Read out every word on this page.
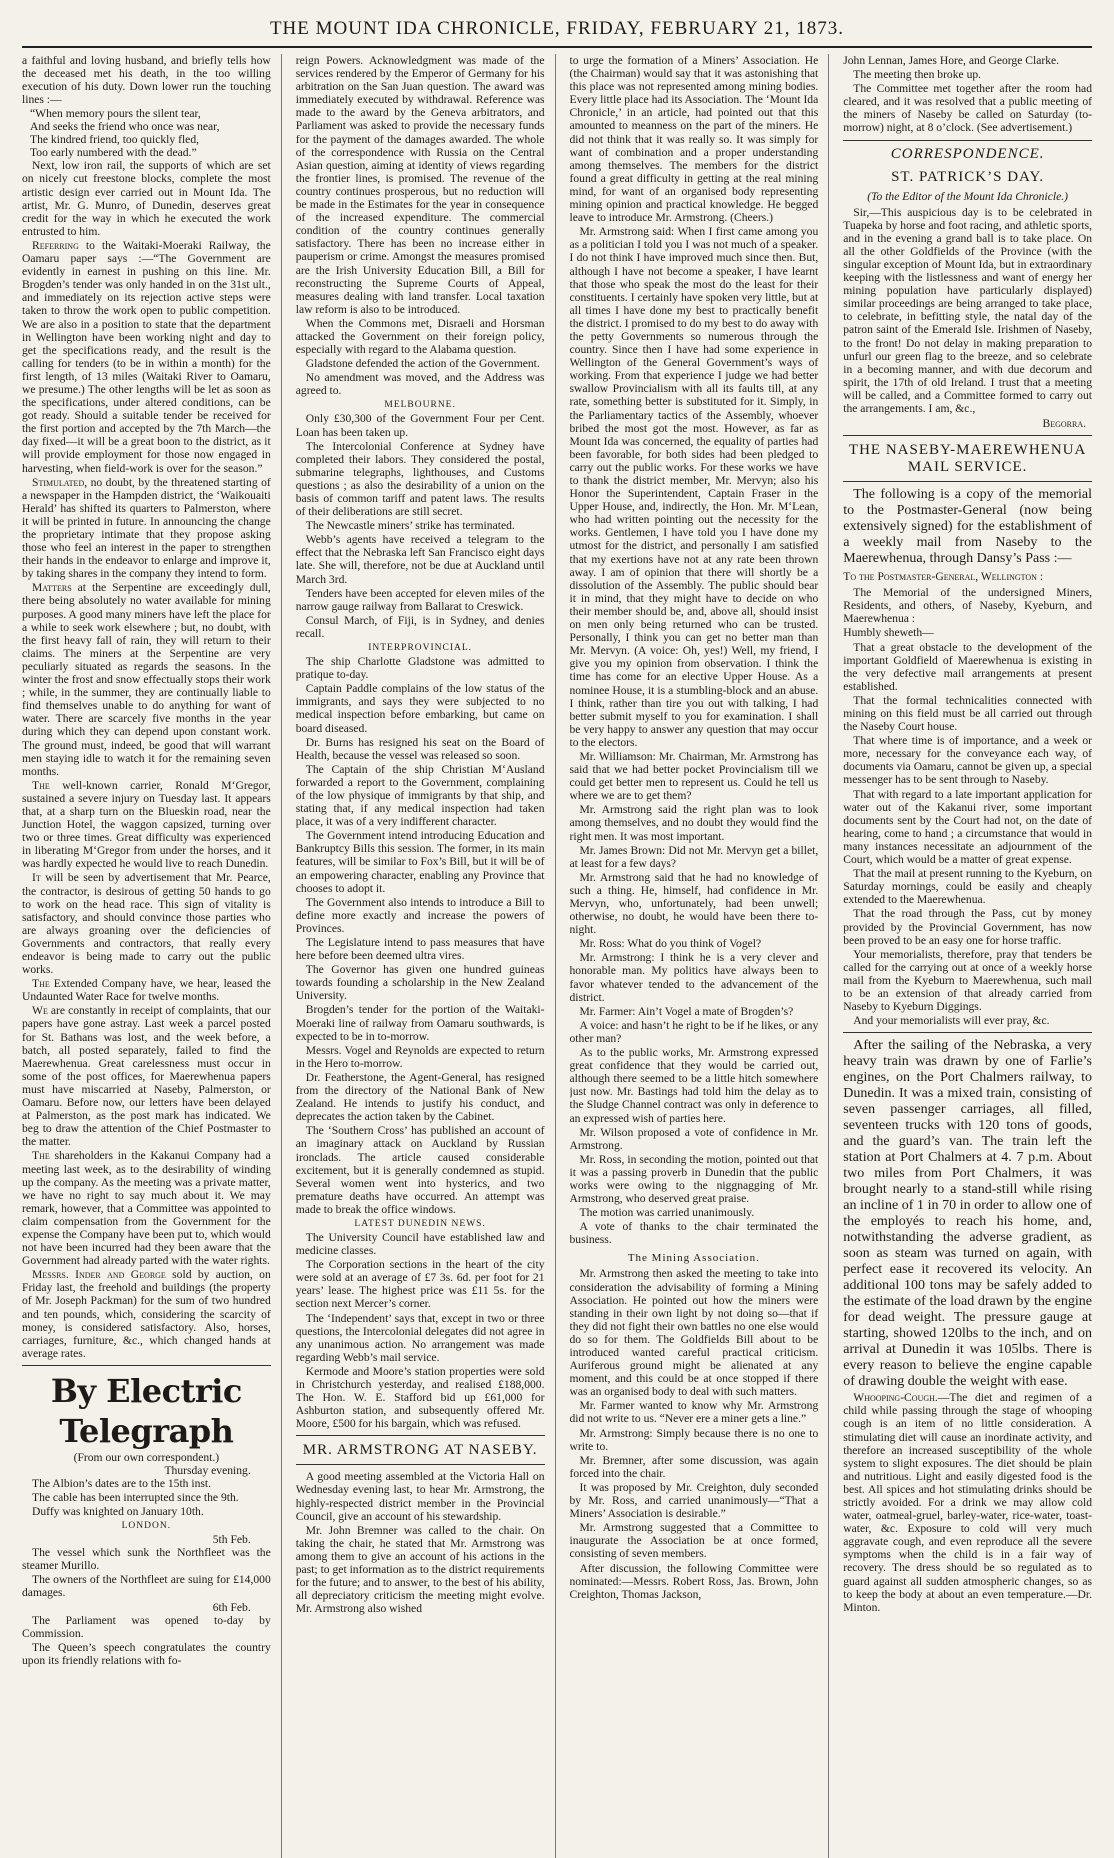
THE MOUNT IDA CHRONICLE, FRIDAY, FEBRUARY 21, 1873.

a faithful and loving husband, and briefly tells how the deceased met his death, in the too willing execution of his duty. Down lower run the touching lines :—

“When memory pours the silent tear,
And seeks the friend who once was near,
The kindred friend, too quickly fled,
Too early numbered with the dead.”

Next, low iron rail, the supports of which are set on nicely cut freestone blocks, complete the most artistic design ever carried out in Mount Ida. The artist, Mr. G. Munro, of Dunedin, deserves great credit for the way in which he executed the work entrusted to him.

Referring to the Waitaki-Moeraki Railway, the Oamaru paper says :—“The Government are evidently in earnest in pushing on this line. Mr. Brogden’s tender was only handed in on the 31st ult., and immediately on its rejection active steps were taken to throw the work open to public competition. We are also in a position to state that the department in Wellington have been working night and day to get the specifications ready, and the result is the calling for tenders (to be in within a month) for the first length, of 13 miles (Waitaki River to Oamaru, we presume.) The other lengths will be let as soon as the specifications, under altered conditions, can be got ready. Should a suitable tender be received for the first portion and accepted by the 7th March—the day fixed—it will be a great boon to the district, as it will provide employment for those now engaged in harvesting, when field-work is over for the season.”

Stimulated, no doubt, by the threatened starting of a newspaper in the Hampden district, the ‘Waikouaiti Herald’ has shifted its quarters to Palmerston, where it will be printed in future. In announcing the change the proprietary intimate that they propose asking those who feel an interest in the paper to strengthen their hands in the endeavor to enlarge and improve it, by taking shares in the company they intend to form.

Matters at the Serpentine are exceedingly dull, there being absolutely no water available for mining purposes. A good many miners have left the place for a while to seek work elsewhere ; but, no doubt, with the first heavy fall of rain, they will return to their claims. The miners at the Serpentine are very peculiarly situated as regards the seasons. In the winter the frost and snow effectually stops their work ; while, in the summer, they are continually liable to find themselves unable to do anything for want of water. There are scarcely five months in the year during which they can depend upon constant work. The ground must, indeed, be good that will warrant men staying idle to watch it for the remaining seven months.

The well-known carrier, Ronald M‘Gregor, sustained a severe injury on Tuesday last. It appears that, at a sharp turn on the Blueskin road, near the Junction Hotel, the waggon capsized, turning over two or three times. Great difficulty was experienced in liberating M‘Gregor from under the horses, and it was hardly expected he would live to reach Dunedin.

It will be seen by advertisement that Mr. Pearce, the contractor, is desirous of getting 50 hands to go to work on the head race. This sign of vitality is satisfactory, and should convince those parties who are always groaning over the deficiencies of Governments and contractors, that really every endeavor is being made to carry out the public works.

The Extended Company have, we hear, leased the Undaunted Water Race for twelve months.

We are constantly in receipt of complaints, that our papers have gone astray. Last week a parcel posted for St. Bathans was lost, and the week before, a batch, all posted separately, failed to find the Maerewhenua. Great carelessness must occur in some of the post offices, for Maerewhenua papers must have miscarried at Naseby, Palmerston, or Oamaru. Before now, our letters have been delayed at Palmerston, as the post mark has indicated. We beg to draw the attention of the Chief Postmaster to the matter.

The shareholders in the Kakanui Company had a meeting last week, as to the desirability of winding up the company. As the meeting was a private matter, we have no right to say much about it. We may remark, however, that a Committee was appointed to claim compensation from the Government for the expense the Company have been put to, which would not have been incurred had they been aware that the Government had already parted with the water rights.

Messrs. Inder and George sold by auction, on Friday last, the freehold and buildings (the property of Mr. Joseph Packman) for the sum of two hundred and ten pounds, which, considering the scarcity of money, is considered satisfactory. Also, horses, carriages, furniture, &c., which changed hands at average rates.

By Electric Telegraph
(From our own correspondent.)
Thursday evening.

The Albion’s dates are to the 15th inst.

The cable has been interrupted since the 9th.

Duffy was knighted on January 10th.

LONDON.
5th Feb.

The vessel which sunk the Northfleet was the steamer Murillo.

The owners of the Northfleet are suing for £14,000 damages.

6th Feb.

The Parliament was opened to-day by Commission.

The Queen’s speech congratulates the country upon its friendly relations with fo-

reign Powers. Acknowledgment was made of the services rendered by the Emperor of Germany for his arbitration on the San Juan question. The award was immediately executed by withdrawal. Reference was made to the award by the Geneva arbitrators, and Parliament was asked to provide the necessary funds for the payment of the damages awarded. The whole of the correspondence with Russia on the Central Asian question, aiming at identity of views regarding the frontier lines, is promised. The revenue of the country continues prosperous, but no reduction will be made in the Estimates for the year in consequence of the increased expenditure. The commercial condition of the country continues generally satisfactory. There has been no increase either in pauperism or crime. Amongst the measures promised are the Irish University Education Bill, a Bill for reconstructing the Supreme Courts of Appeal, measures dealing with land transfer. Local taxation law reform is also to be introduced.

When the Commons met, Disraeli and Horsman attacked the Government on their foreign policy, especially with regard to the Alabama question.

Gladstone defended the action of the Government.

No amendment was moved, and the Address was agreed to.

MELBOURNE.

Only £30,300 of the Government Four per Cent. Loan has been taken up.

The Intercolonial Conference at Sydney have completed their labors. They considered the postal, submarine telegraphs, lighthouses, and Customs questions ; as also the desirability of a union on the basis of common tariff and patent laws. The results of their deliberations are still secret.

The Newcastle miners’ strike has terminated.

Webb’s agents have received a telegram to the effect that the Nebraska left San Francisco eight days late. She will, therefore, not be due at Auckland until March 3rd.

Tenders have been accepted for eleven miles of the narrow gauge railway from Ballarat to Creswick.

Consul March, of Fiji, is in Sydney, and denies recall.

INTERPROVINCIAL.

The ship Charlotte Gladstone was admitted to pratique to-day.

Captain Paddle complains of the low status of the immigrants, and says they were subjected to no medical inspection before embarking, but came on board diseased.

Dr. Burns has resigned his seat on the Board of Health, because the vessel was released so soon.

The Captain of the ship Christian M‘Ausland forwarded a report to the Government, complaining of the low physique of immigrants by that ship, and stating that, if any medical inspection had taken place, it was of a very indifferent character.

The Government intend introducing Education and Bankruptcy Bills this session. The former, in its main features, will be similar to Fox’s Bill, but it will be of an empowering character, enabling any Province that chooses to adopt it.

The Government also intends to introduce a Bill to define more exactly and increase the powers of Provinces.

The Legislature intend to pass measures that have here before been deemed ultra vires.

The Governor has given one hundred guineas towards founding a scholarship in the New Zealand University.

Brogden’s tender for the portion of the Waitaki-Moeraki line of railway from Oamaru southwards, is expected to be in to-morrow.

Messrs. Vogel and Reynolds are expected to return in the Hero to-morrow.

Dr. Featherstone, the Agent-General, has resigned from the directory of the National Bank of New Zealand. He intends to justify his conduct, and deprecates the action taken by the Cabinet.

The ‘Southern Cross’ has published an account of an imaginary attack on Auckland by Russian ironclads. The article caused considerable excitement, but it is generally condemned as stupid. Several women went into hysterics, and two premature deaths have occurred. An attempt was made to break the office windows.

LATEST DUNEDIN NEWS.

The University Council have established law and medicine classes.

The Corporation sections in the heart of the city were sold at an average of £7 3s. 6d. per foot for 21 years’ lease. The highest price was £11 5s. for the section next Mercer’s corner.

The ‘Independent’ says that, except in two or three questions, the Intercolonial delegates did not agree in any unanimous action. No arrangement was made regarding Webb’s mail service.

Kermode and Moore’s station properties were sold in Christchurch yesterday, and realised £188,000. The Hon. W. E. Stafford bid up £61,000 for Ashburton station, and subsequently offered Mr. Moore, £500 for his bargain, which was refused.

MR. ARMSTRONG AT NASEBY.

A good meeting assembled at the Victoria Hall on Wednesday evening last, to hear Mr. Armstrong, the highly-respected district member in the Provincial Council, give an account of his stewardship.

Mr. John Bremner was called to the chair. On taking the chair, he stated that Mr. Armstrong was among them to give an account of his actions in the past; to get information as to the district requirements for the future; and to answer, to the best of his ability, all depreciatory criticism the meeting might evolve. Mr. Armstrong also wished

to urge the formation of a Miners’ Association. He (the Chairman) would say that it was astonishing that this place was not represented among mining bodies. Every little place had its Association. The ‘Mount Ida Chronicle,’ in an article, had pointed out that this amounted to meanness on the part of the miners. He did not think that it was really so. It was simply for want of combination and a proper understanding among themselves. The members for the district found a great difficulty in getting at the real mining mind, for want of an organised body representing mining opinion and practical knowledge. He begged leave to introduce Mr. Armstrong. (Cheers.)

Mr. Armstrong said: When I first came among you as a politician I told you I was not much of a speaker. I do not think I have improved much since then. But, although I have not become a speaker, I have learnt that those who speak the most do the least for their constituents. I certainly have spoken very little, but at all times I have done my best to practically benefit the district. I promised to do my best to do away with the petty Governments so numerous through the country. Since then I have had some experience in Wellington of the General Government’s ways of working. From that experience I judge we had better swallow Provincialism with all its faults till, at any rate, something better is substituted for it. Simply, in the Parliamentary tactics of the Assembly, whoever bribed the most got the most. However, as far as Mount Ida was concerned, the equality of parties had been favorable, for both sides had been pledged to carry out the public works. For these works we have to thank the district member, Mr. Mervyn; also his Honor the Superintendent, Captain Fraser in the Upper House, and, indirectly, the Hon. Mr. M‘Lean, who had written pointing out the necessity for the works. Gentlemen, I have told you I have done my utmost for the district, and personally I am satisfied that my exertions have not at any rate been thrown away. I am of opinion that there will shortly be a dissolution of the Assembly. The public should bear it in mind, that they might have to decide on who their member should be, and, above all, should insist on men only being returned who can be trusted. Personally, I think you can get no better man than Mr. Mervyn. (A voice: Oh, yes!) Well, my friend, I give you my opinion from observation. I think the time has come for an elective Upper House. As a nominee House, it is a stumbling-block and an abuse. I think, rather than tire you out with talking, I had better submit myself to you for examination. I shall be very happy to answer any question that may occur to the electors.

Mr. Williamson: Mr. Chairman, Mr. Armstrong has said that we had better pocket Provincialism till we could get better men to represent us. Could he tell us where we are to get them?

Mr. Armstrong said the right plan was to look among themselves, and no doubt they would find the right men. It was most important.

Mr. James Brown: Did not Mr. Mervyn get a billet, at least for a few days?

Mr. Armstrong said that he had no knowledge of such a thing. He, himself, had confidence in Mr. Mervyn, who, unfortunately, had been unwell; otherwise, no doubt, he would have been there to-night.

Mr. Ross: What do you think of Vogel?

Mr. Armstrong: I think he is a very clever and honorable man. My politics have always been to favor whatever tended to the advancement of the district.

Mr. Farmer: Ain’t Vogel a mate of Brogden’s?

A voice: and hasn’t he right to be if he likes, or any other man?

As to the public works, Mr. Armstrong expressed great confidence that they would be carried out, although there seemed to be a little hitch somewhere just now. Mr. Bastings had told him the delay as to the Sludge Channel contract was only in deference to an expressed wish of parties here.

Mr. Wilson proposed a vote of confidence in Mr. Armstrong.

Mr. Ross, in seconding the motion, pointed out that it was a passing proverb in Dunedin that the public works were owing to the niggnagging of Mr. Armstrong, who deserved great praise.

The motion was carried unanimously.

A vote of thanks to the chair terminated the business.

The Mining Association.

Mr. Armstrong then asked the meeting to take into consideration the advisability of forming a Mining Association. He pointed out how the miners were standing in their own light by not doing so—that if they did not fight their own battles no one else would do so for them. The Goldfields Bill about to be introduced wanted careful practical criticism. Auriferous ground might be alienated at any moment, and this could be at once stopped if there was an organised body to deal with such matters.

Mr. Farmer wanted to know why Mr. Armstrong did not write to us. “Never ere a miner gets a line.”

Mr. Armstrong: Simply because there is no one to write to.

Mr. Bremner, after some discussion, was again forced into the chair.

It was proposed by Mr. Creighton, duly seconded by Mr. Ross, and carried unanimously—“That a Miners’ Association is desirable.”

Mr. Armstrong suggested that a Committee to inaugurate the Association be at once formed, consisting of seven members.

After discussion, the following Committee were nominated:—Messrs. Robert Ross, Jas. Brown, John Creighton, Thomas Jackson,

John Lennan, James Hore, and George Clarke.

The meeting then broke up.

The Committee met together after the room had cleared, and it was resolved that a public meeting of the miners of Naseby be called on Saturday (to-morrow) night, at 8 o’clock. (See advertisement.)

CORRESPONDENCE.
ST. PATRICK’S DAY.
(To the Editor of the Mount Ida Chronicle.)

Sir,—This auspicious day is to be celebrated in Tuapeka by horse and foot racing, and athletic sports, and in the evening a grand ball is to take place. On all the other Goldfields of the Province (with the singular exception of Mount Ida, but in extraordinary keeping with the listlessness and want of energy her mining population have particularly displayed) similar proceedings are being arranged to take place, to celebrate, in befitting style, the natal day of the patron saint of the Emerald Isle. Irishmen of Naseby, to the front! Do not delay in making preparation to unfurl our green flag to the breeze, and so celebrate in a becoming manner, and with due decorum and spirit, the 17th of old Ireland. I trust that a meeting will be called, and a Committee formed to carry out the arrangements. I am, &c.,

Begorra.
THE NASEBY-MAEREWHENUA MAIL SERVICE.

The following is a copy of the memorial to the Postmaster-General (now being extensively signed) for the establishment of a weekly mail from Naseby to the Maerewhenua, through Dansy’s Pass :—

To the Postmaster-General, Wellington :

The Memorial of the undersigned Miners, Residents, and others, of Naseby, Kyeburn, and Maerewhenua :

Humbly sheweth—

That a great obstacle to the development of the important Goldfield of Maerewhenua is existing in the very defective mail arrangements at present established.

That the formal technicalities connected with mining on this field must be all carried out through the Naseby Court house.

That where time is of importance, and a week or more, necessary for the conveyance each way, of documents via Oamaru, cannot be given up, a special messenger has to be sent through to Naseby.

That with regard to a late important application for water out of the Kakanui river, some important documents sent by the Court had not, on the date of hearing, come to hand ; a circumstance that would in many instances necessitate an adjournment of the Court, which would be a matter of great expense.

That the mail at present running to the Kyeburn, on Saturday mornings, could be easily and cheaply extended to the Maerewhenua.

That the road through the Pass, cut by money provided by the Provincial Government, has now been proved to be an easy one for horse traffic.

Your memorialists, therefore, pray that tenders be called for the carrying out at once of a weekly horse mail from the Kyeburn to Maerewhenua, such mail to be an extension of that already carried from Naseby to Kyeburn Diggings.

And your memorialists will ever pray, &c.

After the sailing of the Nebraska, a very heavy train was drawn by one of Farlie’s engines, on the Port Chalmers railway, to Dunedin. It was a mixed train, consisting of seven passenger carriages, all filled, seventeen trucks with 120 tons of goods, and the guard’s van. The train left the station at Port Chalmers at 4. 7 p.m. About two miles from Port Chalmers, it was brought nearly to a stand-still while rising an incline of 1 in 70 in order to allow one of the employés to reach his home, and, notwithstanding the adverse gradient, as soon as steam was turned on again, with perfect ease it recovered its velocity. An additional 100 tons may be safely added to the estimate of the load drawn by the engine for dead weight. The pressure gauge at starting, showed 120lbs to the inch, and on arrival at Dunedin it was 105lbs. There is every reason to believe the engine capable of drawing double the weight with ease.

Whooping-Cough.—The diet and regimen of a child while passing through the stage of whooping cough is an item of no little consideration. A stimulating diet will cause an inordinate activity, and therefore an increased susceptibility of the whole system to slight exposures. The diet should be plain and nutritious. Light and easily digested food is the best. All spices and hot stimulating drinks should be strictly avoided. For a drink we may allow cold water, oatmeal-gruel, barley-water, rice-water, toast-water, &c. Exposure to cold will very much aggravate cough, and even reproduce all the severe symptoms when the child is in a fair way of recovery. The dress should be so regulated as to guard against all sudden atmospheric changes, so as to keep the body at about an even temperature.—Dr. Minton.
